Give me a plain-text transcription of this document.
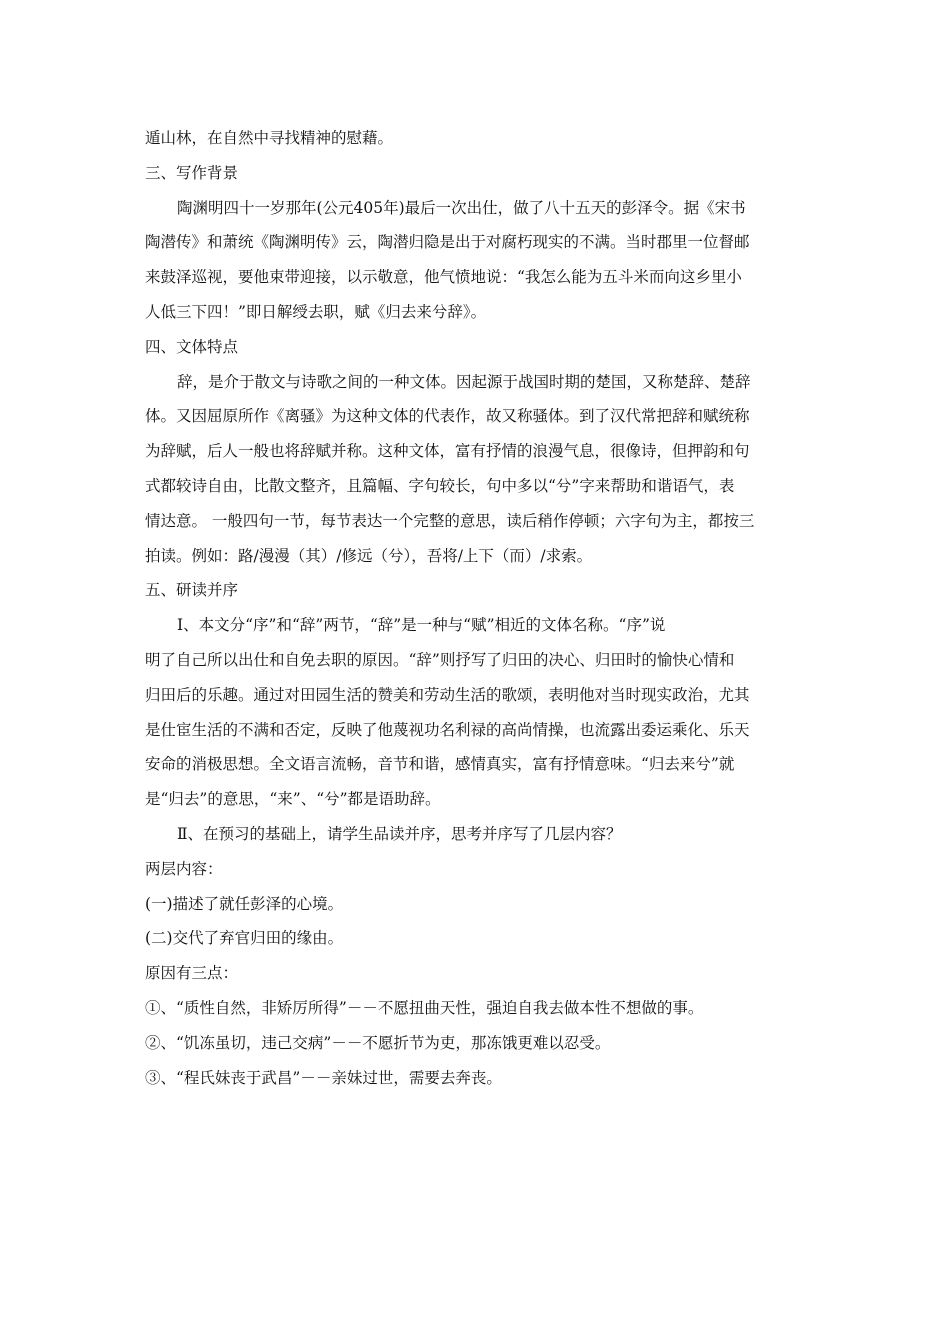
遁山林，在自然中寻找精神的慰藉。

三、写作背景

陶渊明四十一岁那年(公元405年)最后一次出仕，做了八十五天的彭泽令。据《宋书

陶潜传》和萧统《陶渊明传》云，陶潜归隐是出于对腐朽现实的不满。当时郡里一位督邮

来鼓泽巡视，要他束带迎接，以示敬意，他气愤地说：“我怎么能为五斗米而向这乡里小

人低三下四！”即日解绶去职，赋《归去来兮辞》。

四、文体特点

辞，是介于散文与诗歌之间的一种文体。因起源于战国时期的楚国，又称楚辞、楚辞

体。又因屈原所作《离骚》为这种文体的代表作，故又称骚体。到了汉代常把辞和赋统称

为辞赋，后人一般也将辞赋并称。这种文体，富有抒情的浪漫气息，很像诗，但押韵和句

式都较诗自由，比散文整齐，且篇幅、字句较长，句中多以“兮”字来帮助和谐语气，表

情达意。 一般四句一节，每节表达一个完整的意思，读后稍作停顿；六字句为主，都按三

拍读。例如：路/漫漫（其）/修远（兮），吾将/上下（而）/求索。

五、研读并序

Ⅰ、本文分“序”和“辞”两节，“辞”是一种与“赋”相近的文体名称。“序”说

明了自己所以出仕和自免去职的原因。“辞”则抒写了归田的决心、归田时的愉快心情和

归田后的乐趣。通过对田园生活的赞美和劳动生活的歌颂，表明他对当时现实政治，尤其

是仕宦生活的不满和否定，反映了他蔑视功名利禄的高尚情操，也流露出委运乘化、乐天

安命的消极思想。全文语言流畅，音节和谐，感情真实，富有抒情意味。“归去来兮”就

是“归去”的意思，“来”、“兮”都是语助辞。

Ⅱ、在预习的基础上，请学生品读并序，思考并序写了几层内容？

两层内容：

(一)描述了就任彭泽的心境。

(二)交代了弃官归田的缘由。

原因有三点：

①、“质性自然，非矫厉所得”－－不愿扭曲天性，强迫自我去做本性不想做的事。

②、“饥冻虽切，违己交病”－－不愿折节为吏，那冻饿更难以忍受。

③、“程氏妹丧于武昌”－－亲妹过世，需要去奔丧。
